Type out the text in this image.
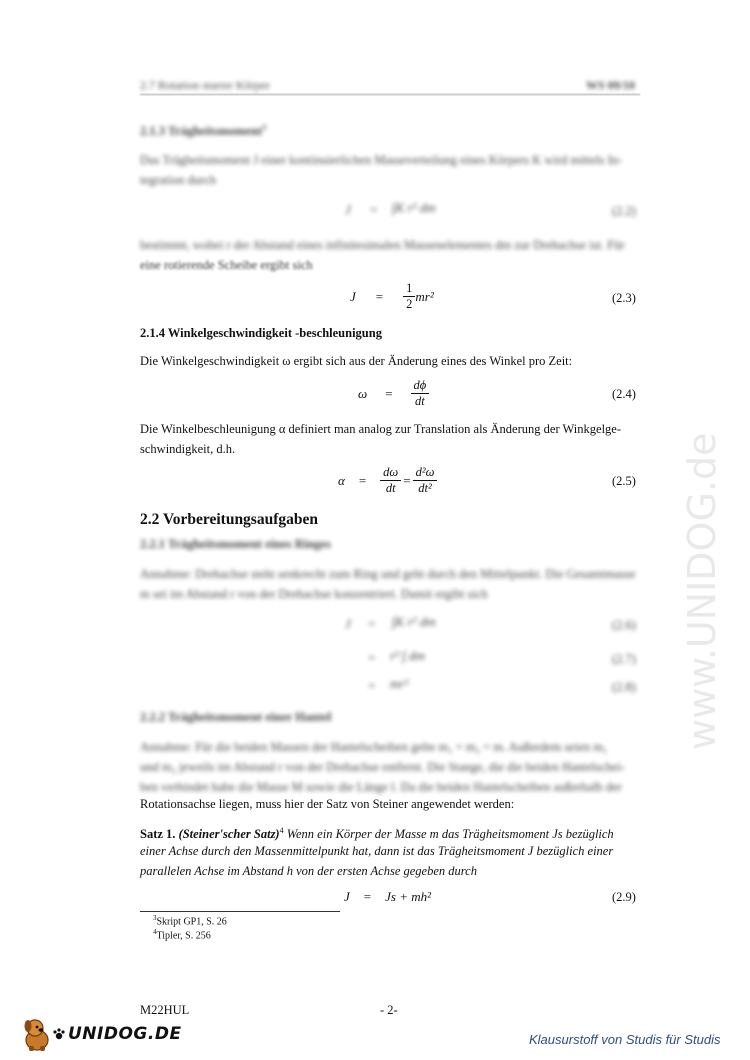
2.7 Rotation starrer Körper	WS 09/10
2.1.3 Trägheitsmoment$^3$
Das Trägheitsmoment J einer kontinuierlichen Masseverteilung eines Körpers K wird mittels In-
tegration durch
J = ∫K r² dm	(2.2)
bestimmt, wobei r der Abstand eines infinitesimalen Massenelementes dm zur Drehachse ist. Für
eine rotierende Scheibe ergibt sich
$J = \frac{1}{2} mr^2$	(2.3)
2.1.4 Winkelgeschwindigkeit -beschleunigung
Die Winkelgeschwindigkeit ω ergibt sich aus der Änderung eines des Winkel pro Zeit:
$\omega = \frac{d\phi}{dt}$	(2.4)
Die Winkelbeschleunigung α definiert man analog zur Translation als Änderung der Winkgelge-
schwindigkeit, d.h.
$\alpha = \frac{d\omega}{dt} = \frac{\text{d²ω}}{\text{dt²}}$	(2.5)
2.2 Vorbereitungsaufgaben
2.2.1 Trägheitsmoment eines Ringes
Annahme: Drehachse steht senkrecht zum Ring und geht durch den Mittelpunkt. Die Gesamtmasse
m sei im Abstand r von der Drehachse konzentriert. Damit ergibt sich
J = ∫K r² dm	(2.6)
= r² ∫ dm	(2.7)
= mr²	(2.8)
2.2.2 Trägheitsmoment einer Hantel
Annahme: Für die beiden Massen der Hantelscheiben gelte m₁ = m₂ = m. Außerdem seien m₁
und m₂ jeweils im Abstand r von der Drehachse entfernt. Die Stange, die die beiden Hantelschei-
ben verbindet habe die Masse M sowie die Länge l. Da die beiden Hantelscheiben außerhalb der
Rotationsachse liegen, muss hier der Satz von Steiner angewendet werden:
Satz 1. (Steiner'scher Satz)$^4$ Wenn ein Körper der Masse m das Trägheitsmoment Js bezüglich
einer Achse durch den Massenmittelpunkt hat, dann ist das Trägheitsmoment J bezüglich einer
parallelen Achse im Abstand h von der ersten Achse gegeben durch
J = Js + mh²	(2.9)
$^3$Skript GP1, S. 26
$^4$Tipler, S. 256
M22HUL	- 2-
www.UNIDOG.de
UNIDOG.DE	Klausurstoff von Studis für Studis
